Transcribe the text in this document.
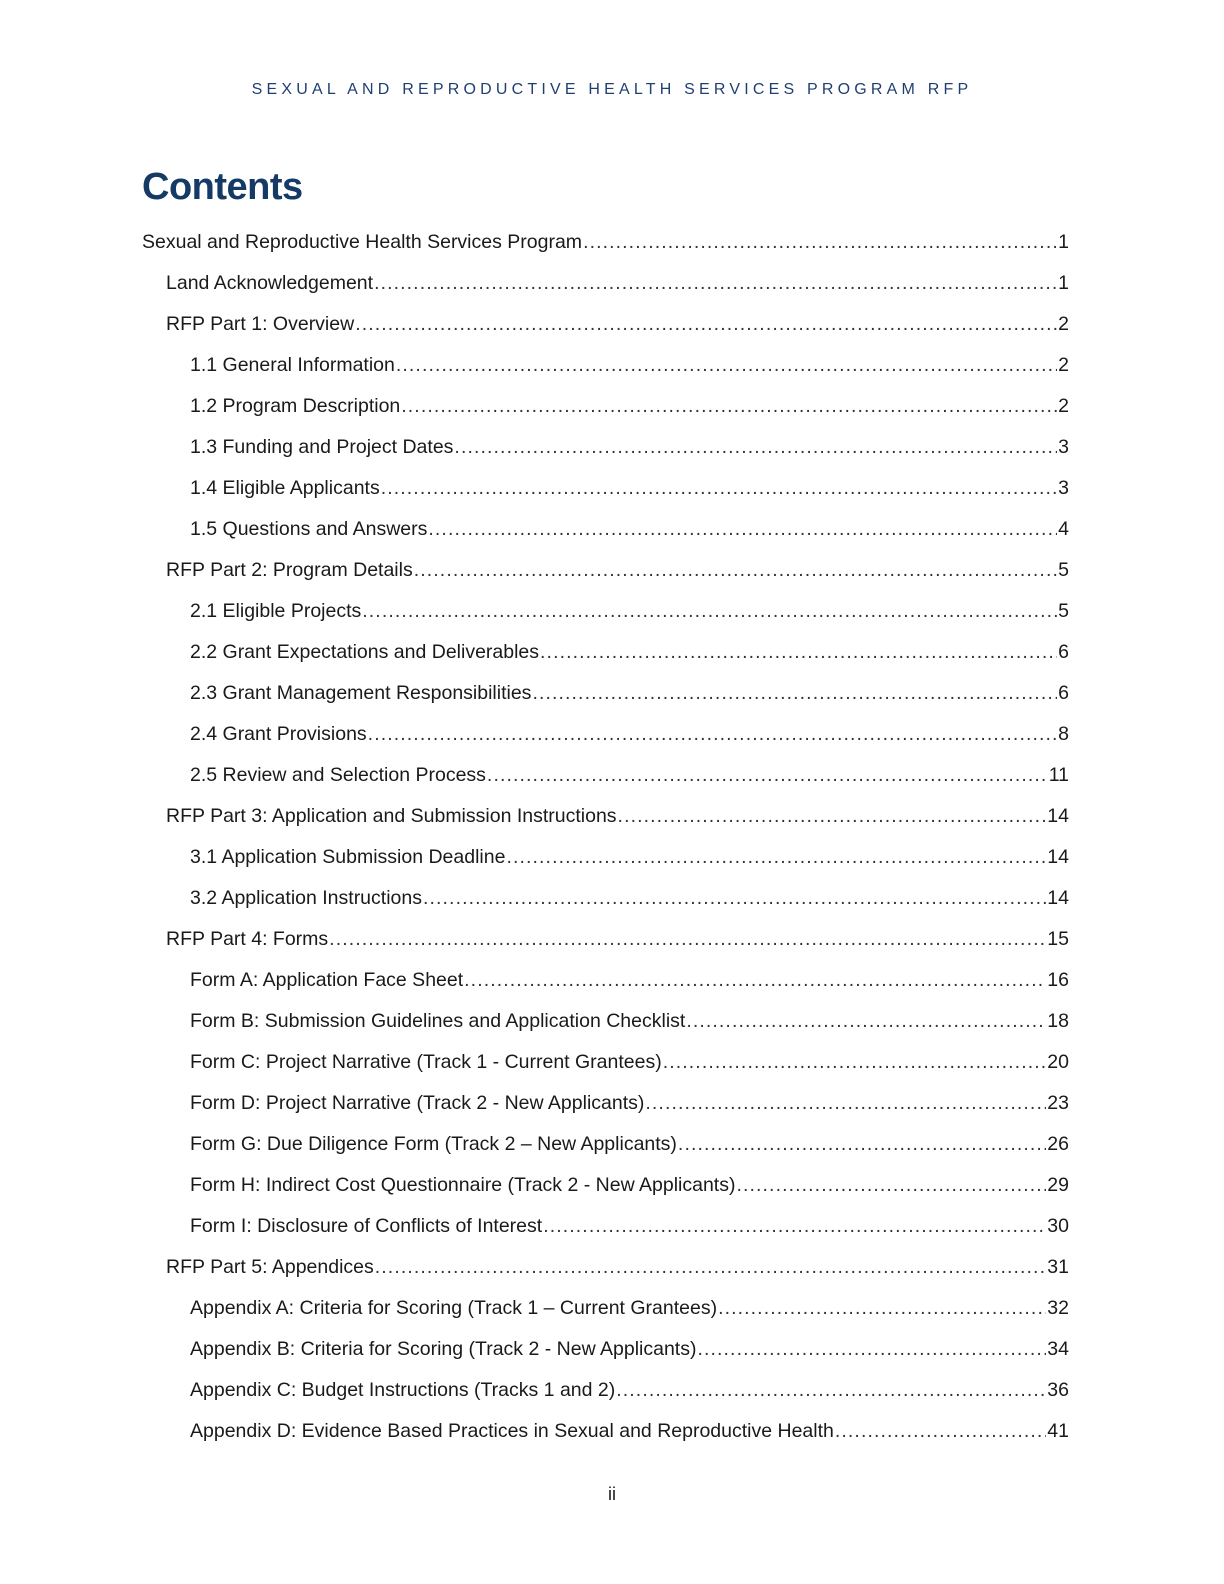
SEXUAL AND REPRODUCTIVE HEALTH SERVICES PROGRAM RFP
Contents
Sexual and Reproductive Health Services Program .....	1
Land Acknowledgement .....	1
RFP Part 1: Overview .....	2
1.1 General Information .....	2
1.2 Program Description .....	2
1.3 Funding and Project Dates .....	3
1.4 Eligible Applicants .....	3
1.5 Questions and Answers .....	4
RFP Part 2: Program Details .....	5
2.1 Eligible Projects .....	5
2.2 Grant Expectations and Deliverables .....	6
2.3 Grant Management Responsibilities .....	6
2.4 Grant Provisions .....	8
2.5 Review and Selection Process .....	11
RFP Part 3: Application and Submission Instructions .....	14
3.1 Application Submission Deadline .....	14
3.2 Application Instructions .....	14
RFP Part 4: Forms .....	15
Form A: Application Face Sheet .....	16
Form B: Submission Guidelines and Application Checklist .....	18
Form C: Project Narrative (Track 1 - Current Grantees) .....	20
Form D: Project Narrative (Track 2 - New Applicants) .....	23
Form G: Due Diligence Form (Track 2 – New Applicants) .....	26
Form H: Indirect Cost Questionnaire (Track 2 - New Applicants) .....	29
Form I: Disclosure of Conflicts of Interest .....	30
RFP Part 5: Appendices .....	31
Appendix A: Criteria for Scoring (Track 1 – Current Grantees) .....	32
Appendix B: Criteria for Scoring (Track 2 - New Applicants) .....	34
Appendix C: Budget Instructions (Tracks 1 and 2) .....	36
Appendix D: Evidence Based Practices in Sexual and Reproductive Health .....	41
ii
